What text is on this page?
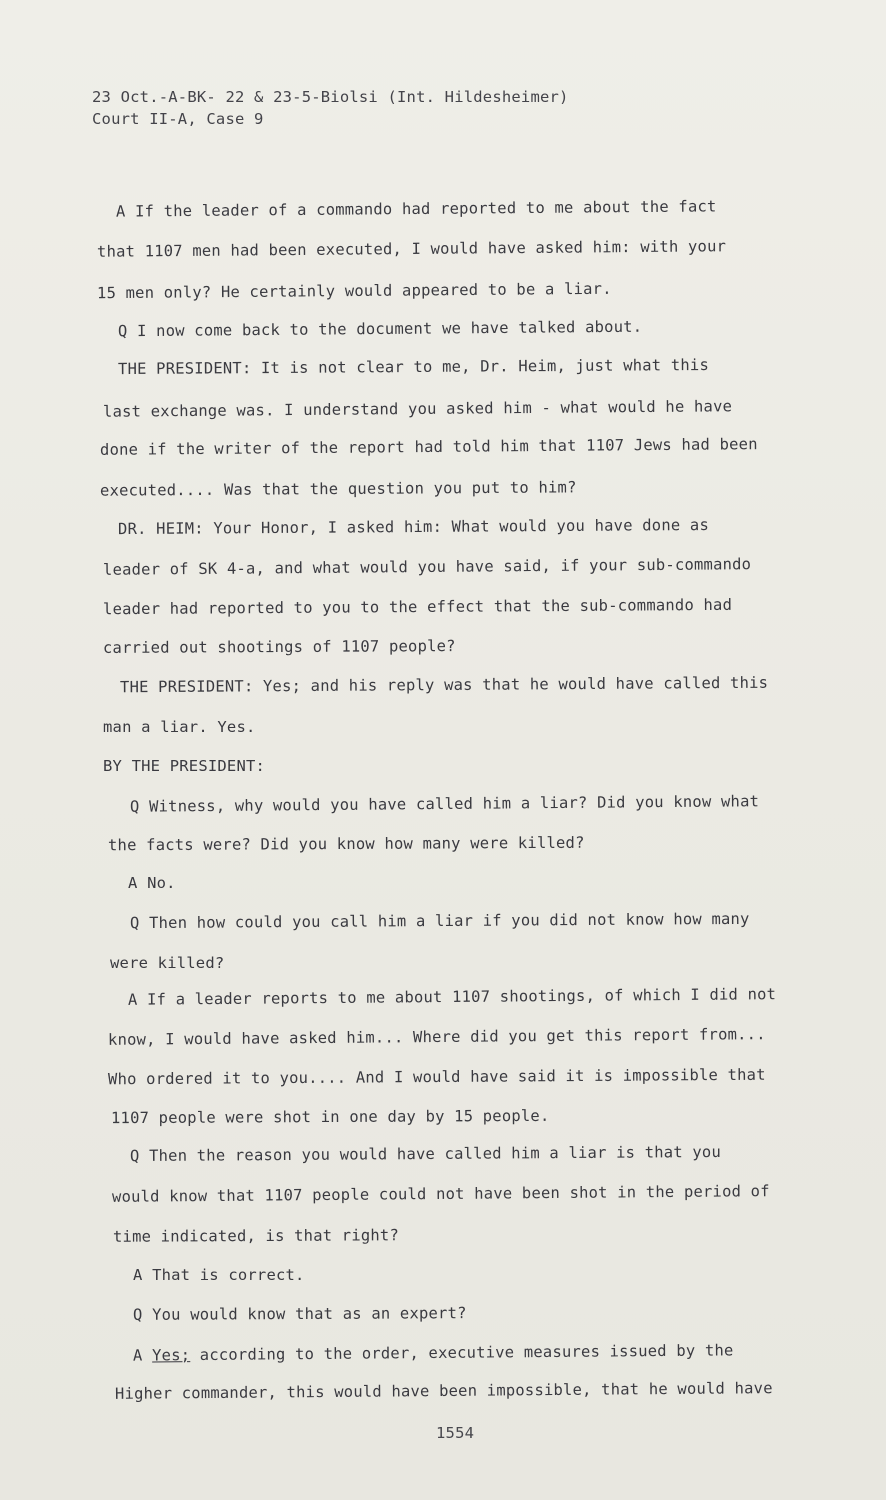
23 Oct.-A-BK- 22 & 23-5-Biolsi (Int. Hildesheimer)
Court II-A, Case 9
A If the leader of a commando had reported to me about the fact
that 1107 men had been executed, I would have asked him: with your
15 men only? He certainly would appeared to be a liar.
Q I now come back to the document we have talked about.
THE PRESIDENT: It is not clear to me, Dr. Heim, just what this
last exchange was. I understand you asked him - what would he have
done if the writer of the report had told him that 1107 Jews had been
executed.... Was that the question you put to him?
DR. HEIM: Your Honor, I asked him: What would you have done as
leader of SK 4-a, and what would you have said, if your sub-commando
leader had reported to you to the effect that the sub-commando had
carried out shootings of 1107 people?
THE PRESIDENT: Yes; and his reply was that he would have called this
man a liar. Yes.
BY THE PRESIDENT:
Q Witness, why would you have called him a liar? Did you know what
the facts were? Did you know how many were killed?
A No.
Q Then how could you call him a liar if you did not know how many
were killed?
A If a leader reports to me about 1107 shootings, of which I did not
know, I would have asked him... Where did you get this report from...
Who ordered it to you.... And I would have said it is impossible that
1107 people were shot in one day by 15 people.
Q Then the reason you would have called him a liar is that you
would know that 1107 people could not have been shot in the period of
time indicated, is that right?
A That is correct.
Q You would know that as an expert?
A Yes; according to the order, executive measures issued by the
Higher commander, this would have been impossible, that he would have
1554
